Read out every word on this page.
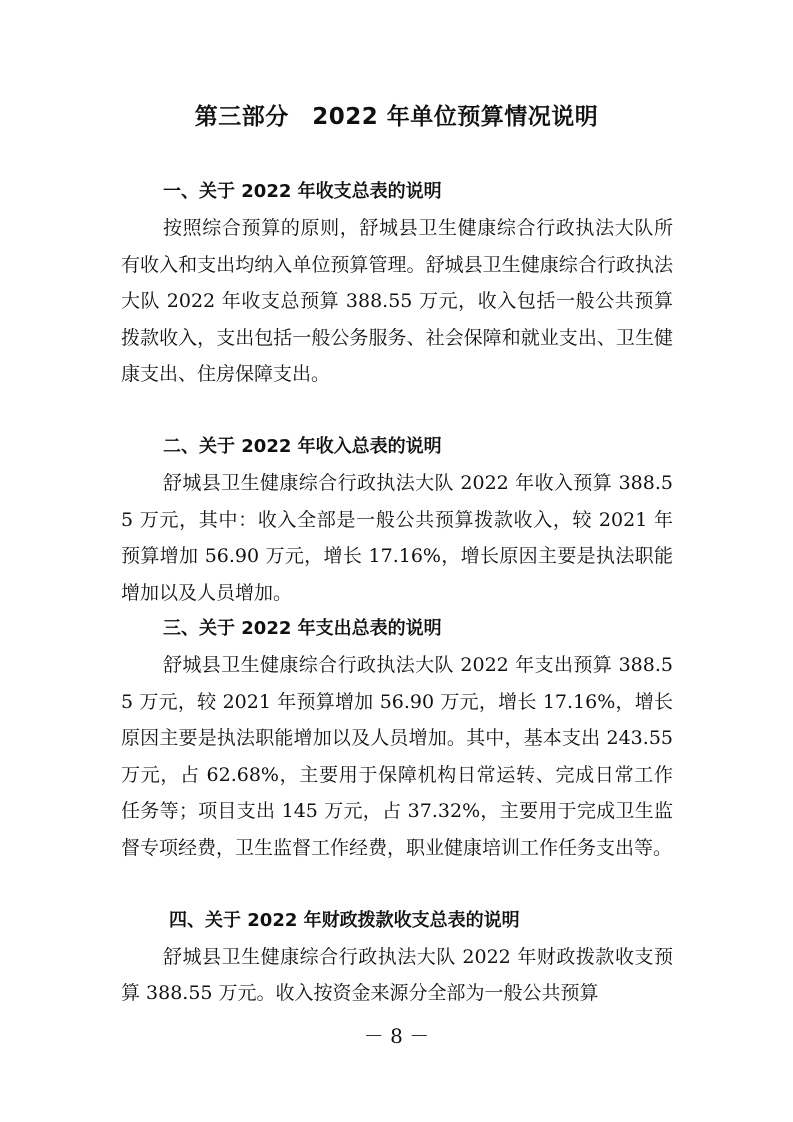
第三部分　2022 年单位预算情况说明
一、关于 2022 年收支总表的说明

按照综合预算的原则，舒城县卫生健康综合行政执法大队所有收入和支出均纳入单位预算管理。舒城县卫生健康综合行政执法大队 2022 年收支总预算 388.55 万元，收入包括一般公共预算拨款收入，支出包括一般公务服务、社会保障和就业支出、卫生健康支出、住房保障支出。

二、关于 2022 年收入总表的说明

舒城县卫生健康综合行政执法大队 2022 年收入预算 388.55 万元，其中：收入全部是一般公共预算拨款收入，较 2021 年预算增加 56.90 万元，增长 17.16%，增长原因主要是执法职能增加以及人员增加。

三、关于 2022 年支出总表的说明

舒城县卫生健康综合行政执法大队 2022 年支出预算 388.55 万元，较 2021 年预算增加 56.90 万元，增长 17.16%，增长原因主要是执法职能增加以及人员增加。其中，基本支出 243.55 万元，占 62.68%，主要用于保障机构日常运转、完成日常工作任务等；项目支出 145 万元，占 37.32%，主要用于完成卫生监督专项经费，卫生监督工作经费，职业健康培训工作任务支出等。

四、关于 2022 年财政拨款收支总表的说明

舒城县卫生健康综合行政执法大队 2022 年财政拨款收支预算 388.55 万元。收入按资金来源分全部为一般公共预算

－ 8 －
